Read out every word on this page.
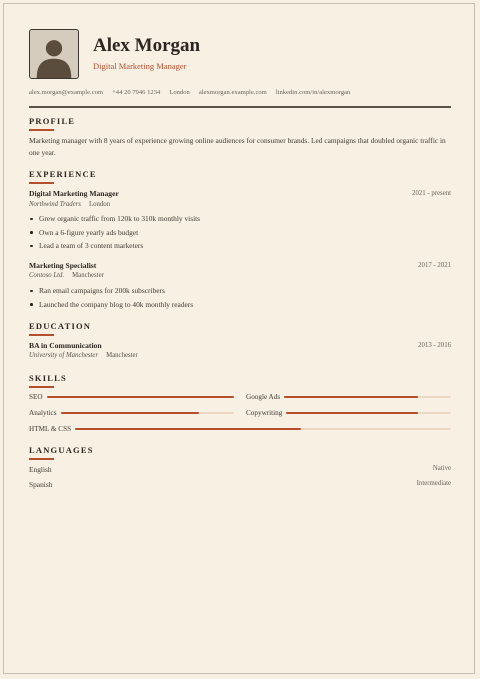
Alex Morgan
Digital Marketing Manager
alex.morgan@example.com +44 20 7946 1234 London alexmorgan.example.com linkedin.com/in/alexmorgan
PROFILE
Marketing manager with 8 years of experience growing online audiences for consumer brands. Led campaigns that doubled organic traffic in one year.
EXPERIENCE
Digital Marketing Manager	2021 - present
Northwind Traders London
Grew organic traffic from 120k to 310k monthly visits
Own a 6-figure yearly ads budget
Lead a team of 3 content marketers
Marketing Specialist	2017 - 2021
Contoso Ltd. Manchester
Ran email campaigns for 200k subscribers
Launched the company blog to 40k monthly readers
EDUCATION
BA in Communication	2013 - 2016
University of Manchester Manchester
SKILLS
SEO	Google Ads
Analytics	Copywriting
HTML & CSS
LANGUAGES
English	Native
Spanish	Intermediate
